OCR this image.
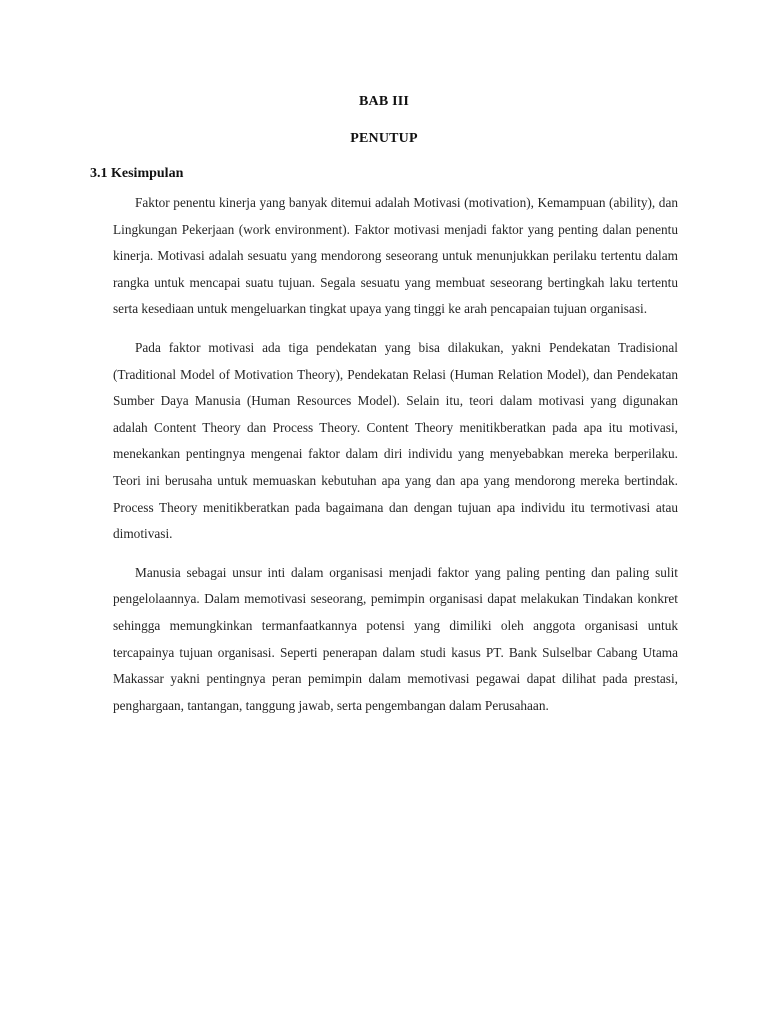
BAB III
PENUTUP
3.1 Kesimpulan

Faktor penentu kinerja yang banyak ditemui adalah Motivasi (motivation), Kemampuan (ability), dan Lingkungan Pekerjaan (work environment). Faktor motivasi menjadi faktor yang penting dalan penentu kinerja. Motivasi adalah sesuatu yang mendorong seseorang untuk menunjukkan perilaku tertentu dalam rangka untuk mencapai suatu tujuan. Segala sesuatu yang membuat seseorang bertingkah laku tertentu serta kesediaan untuk mengeluarkan tingkat upaya yang tinggi ke arah pencapaian tujuan organisasi.

Pada faktor motivasi ada tiga pendekatan yang bisa dilakukan, yakni Pendekatan Tradisional (Traditional Model of Motivation Theory), Pendekatan Relasi (Human Relation Model), dan Pendekatan Sumber Daya Manusia (Human Resources Model). Selain itu, teori dalam motivasi yang digunakan adalah Content Theory dan Process Theory. Content Theory menitikberatkan pada apa itu motivasi, menekankan pentingnya mengenai faktor dalam diri individu yang menyebabkan mereka berperilaku. Teori ini berusaha untuk memuaskan kebutuhan apa yang dan apa yang mendorong mereka bertindak. Process Theory menitikberatkan pada bagaimana dan dengan tujuan apa individu itu termotivasi atau dimotivasi.

Manusia sebagai unsur inti dalam organisasi menjadi faktor yang paling penting dan paling sulit pengelolaannya. Dalam memotivasi seseorang, pemimpin organisasi dapat melakukan Tindakan konkret sehingga memungkinkan termanfaatkannya potensi yang dimiliki oleh anggota organisasi untuk tercapainya tujuan organisasi. Seperti penerapan dalam studi kasus PT. Bank Sulselbar Cabang Utama Makassar yakni pentingnya peran pemimpin dalam memotivasi pegawai dapat dilihat pada prestasi, penghargaan, tantangan, tanggung jawab, serta pengembangan dalam Perusahaan.
